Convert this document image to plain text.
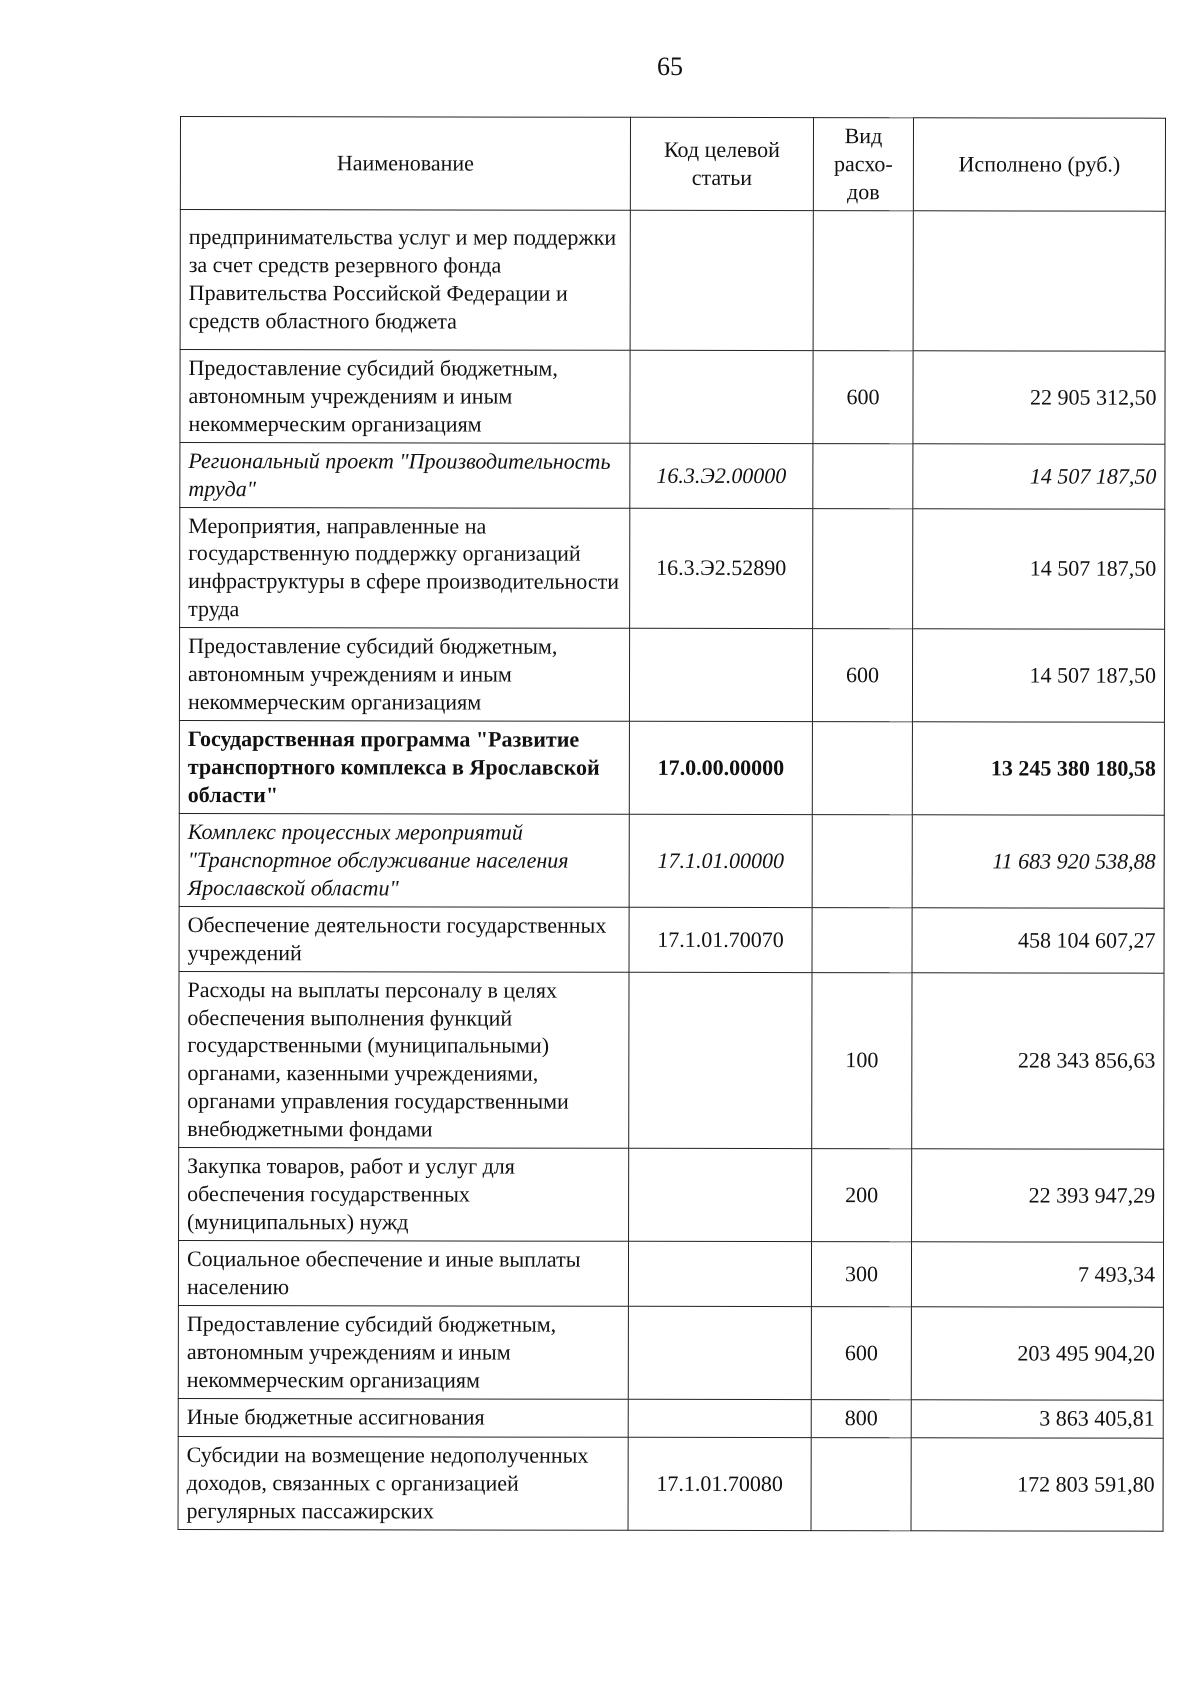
65
Наименование	Код целевой статьи	Вид расхо-дов	Исполнено (руб.)
предпринимательства услуг и мер поддержки за счет средств резервного фонда Правительства Российской Федерации и средств областного бюджета			
Предоставление субсидий бюджетным, автономным учреждениям и иным некоммерческим организациям		600	22 905 312,50
Региональный проект "Производительность труда"	16.3.Э2.00000		14 507 187,50
Мероприятия, направленные на государственную поддержку организаций инфраструктуры в сфере производительности труда	16.3.Э2.52890		14 507 187,50
Предоставление субсидий бюджетным, автономным учреждениям и иным некоммерческим организациям		600	14 507 187,50
Государственная программа "Развитие транспортного комплекса в Ярославской области"	17.0.00.00000		13 245 380 180,58
Комплекс процессных мероприятий "Транспортное обслуживание населения Ярославской области"	17.1.01.00000		11 683 920 538,88
Обеспечение деятельности государственных учреждений	17.1.01.70070		458 104 607,27
Расходы на выплаты персоналу в целях обеспечения выполнения функций государственными (муниципальными) органами, казенными учреждениями, органами управления государственными внебюджетными фондами		100	228 343 856,63
Закупка товаров, работ и услуг для обеспечения государственных (муниципальных) нужд		200	22 393 947,29
Социальное обеспечение и иные выплаты населению		300	7 493,34
Предоставление субсидий бюджетным, автономным учреждениям и иным некоммерческим организациям		600	203 495 904,20
Иные бюджетные ассигнования		800	3 863 405,81
Субсидии на возмещение недополученных доходов, связанных с организацией регулярных пассажирских	17.1.01.70080		172 803 591,80
